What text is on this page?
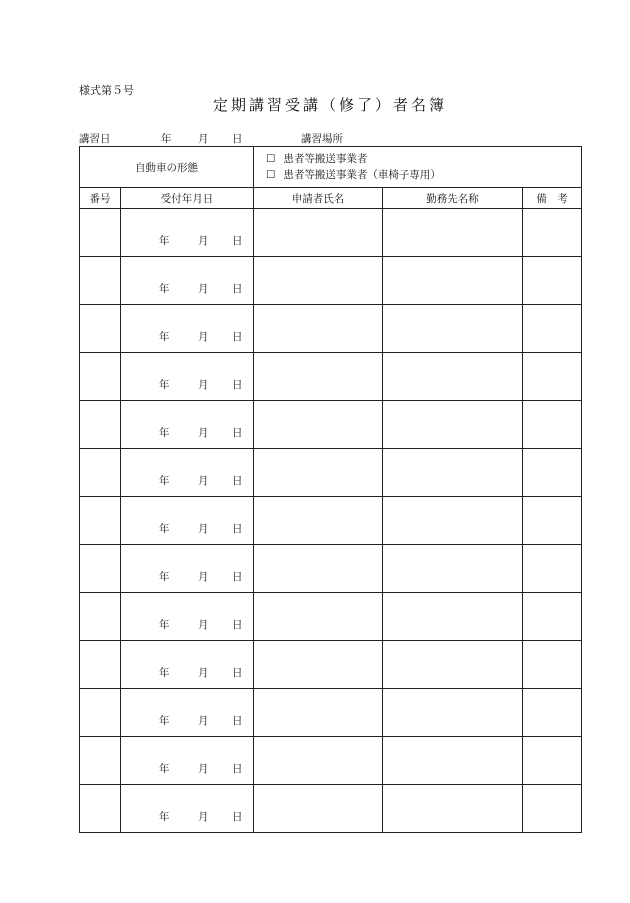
様式第５号
定期講習受講（修了）者名簿
講習日	年	月 日	講習場所
自動車の形態		☐ 患者等搬送事業者
☐ 患者等搬送事業者（車椅子専用）		

番号	受付年月日	申請者氏名	勤務先名称	備　考

	年 月 日			

	年 月 日			

	年 月 日			

	年 月 日			

	年 月 日			

	年 月 日			

	年 月 日			

	年 月 日			

	年 月 日			

	年 月 日			

	年 月 日			

	年 月 日			

	年 月 日			
